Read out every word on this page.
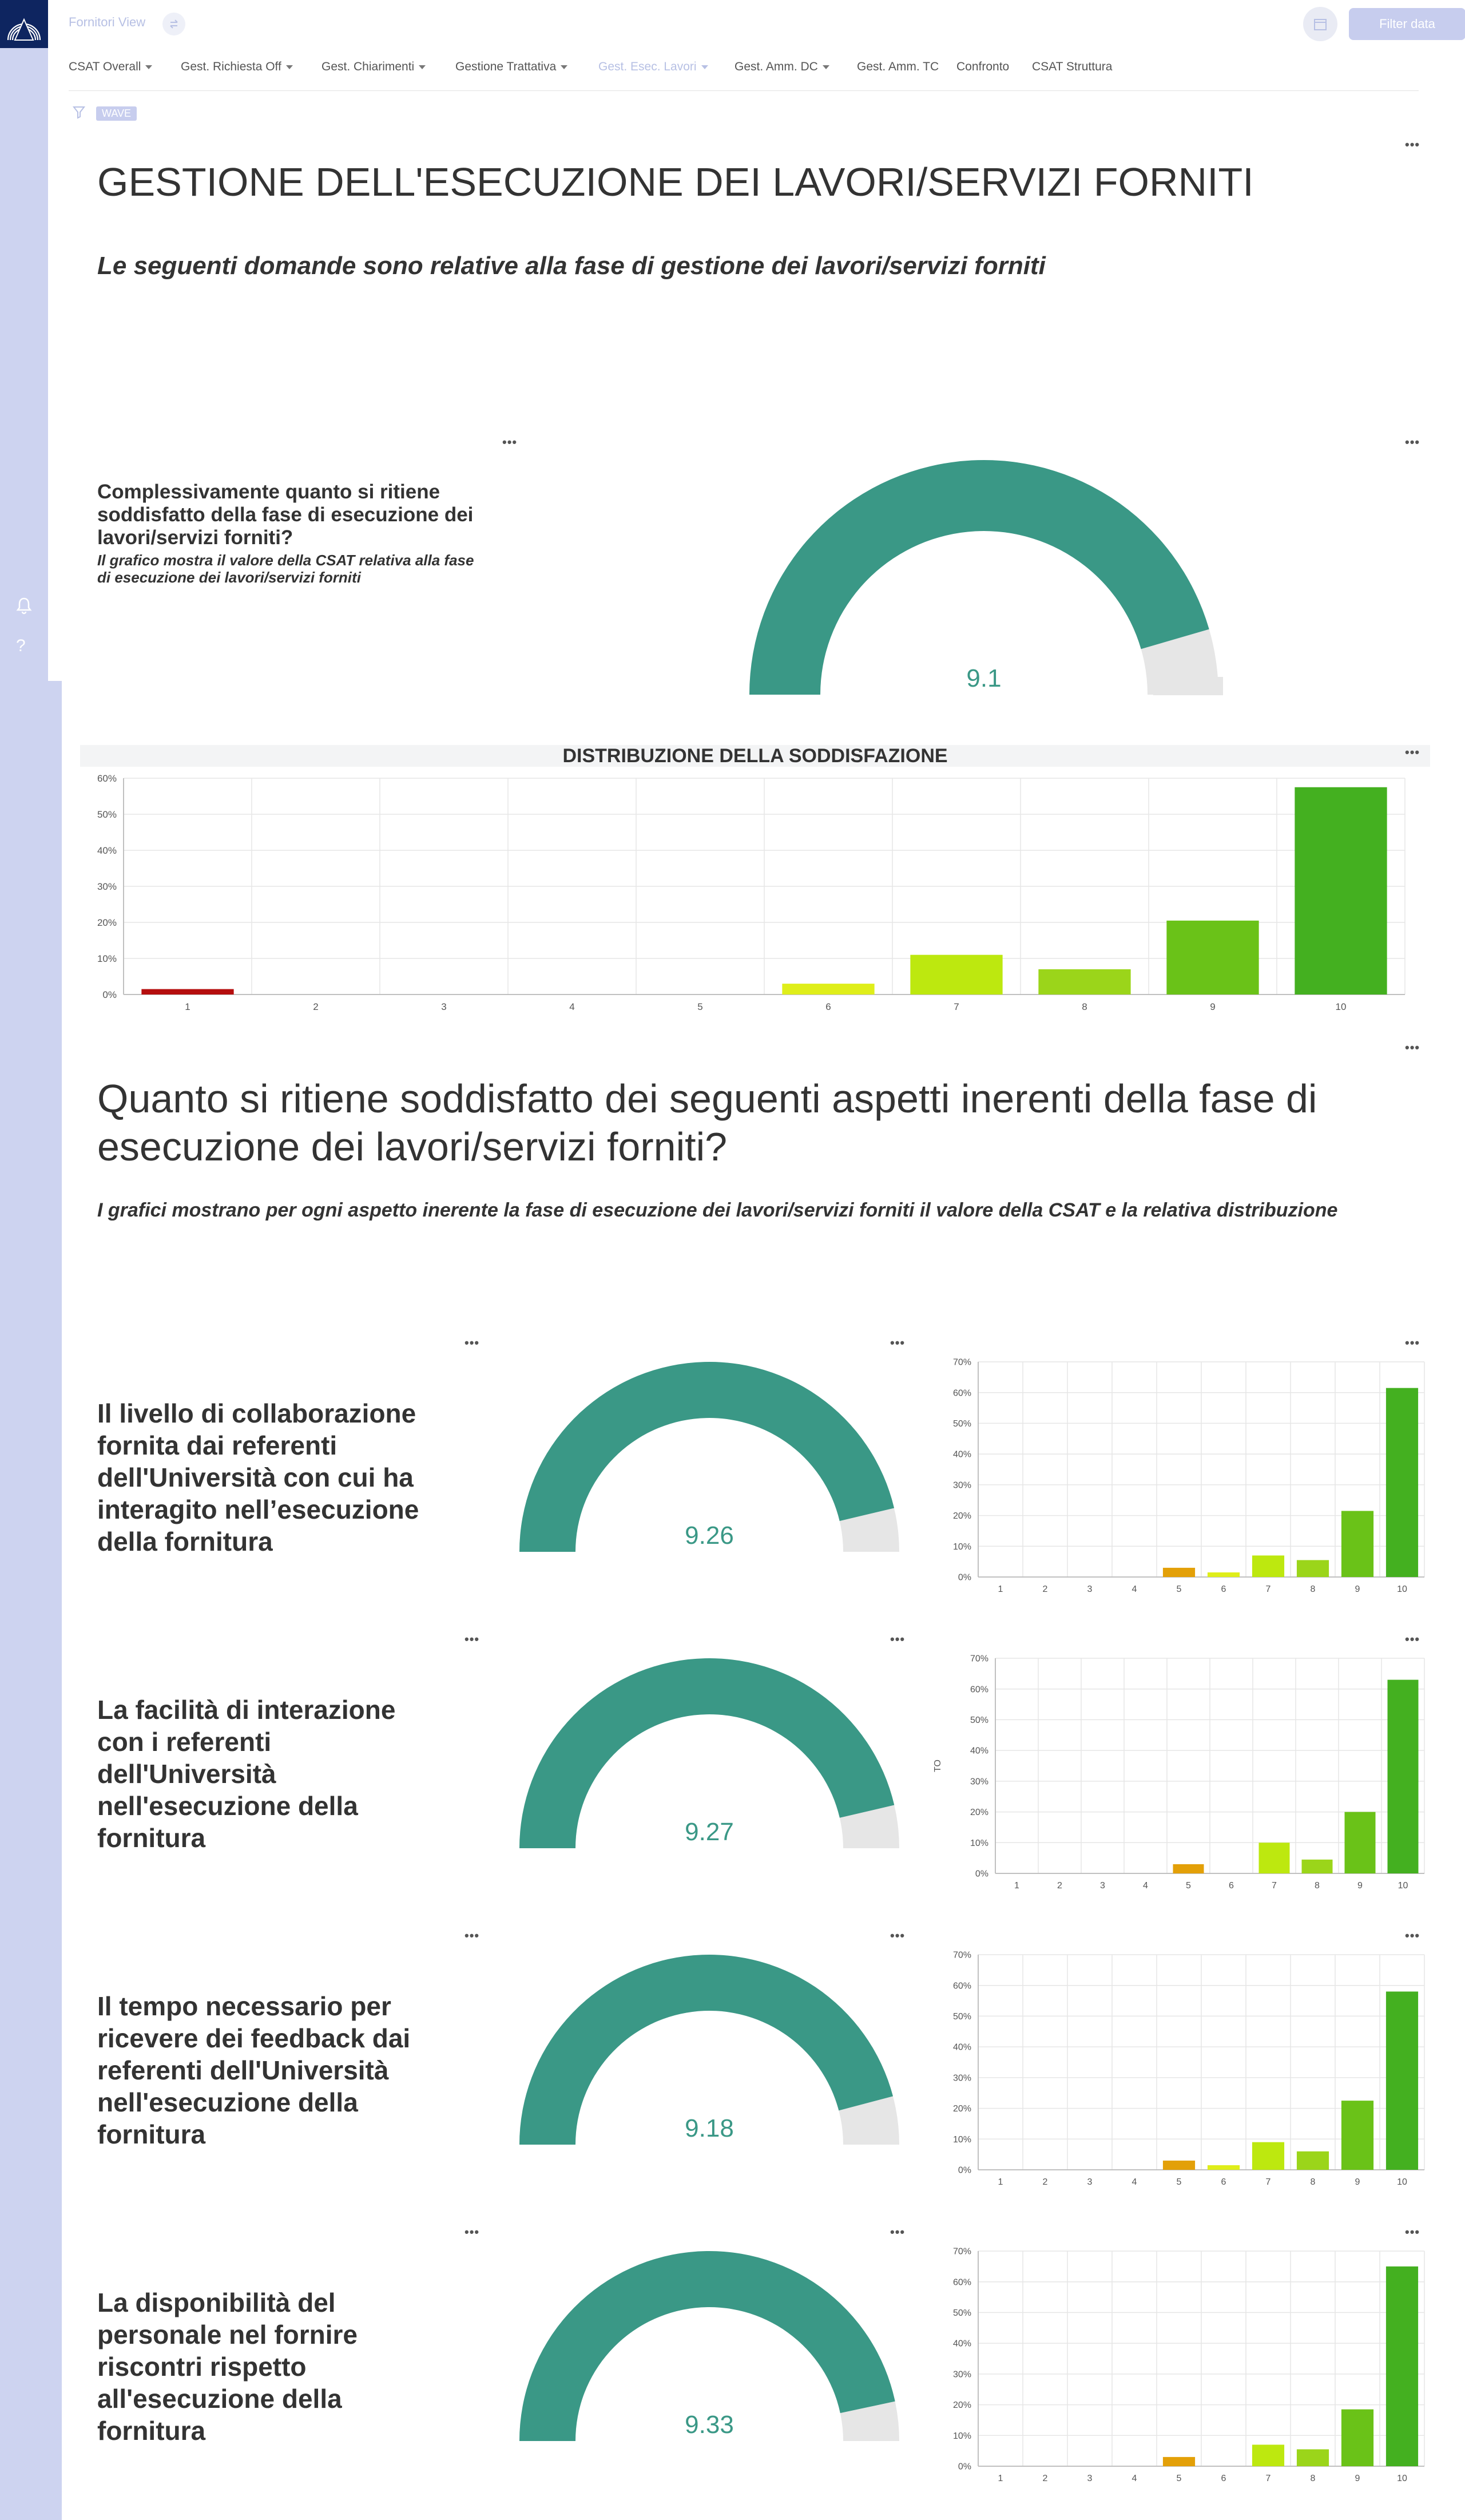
?
Fornitori View	Filter data
CSAT Overall	Gest. Richiesta Off	Gest. Chiarimenti	Gestione Trattativa	Gest. Esec. Lavori	Gest. Amm. DC	Gest. Amm. TC Confronto CSAT Struttura
WAVE
•••
GESTIONE DELL'ESECUZIONE DEI LAVORI/SERVIZI FORNITI
Le seguenti domande sono relative alla fase di gestione dei lavori/servizi forniti
•••	•••
Complessivamente quanto si ritiene soddisfatto della fase di esecuzione dei lavori/servizi forniti?
Il grafico mostra il valore della CSAT relativa alla fase di esecuzione dei lavori/servizi forniti
9.1
DISTRIBUZIONE DELLA SODDISFAZIONE	•••
0%
10%
20%
30%
40%
50%
60%
1	2	3	4	5	6	7	8	9	10
•••
Quanto si ritiene soddisfatto dei seguenti aspetti inerenti della fase di
esecuzione dei lavori/servizi forniti?
I grafici mostrano per ogni aspetto inerente la fase di esecuzione dei lavori/servizi forniti il valore della CSAT e la relativa distribuzione
•••	•••	•••
Il livello di collaborazione fornita dai referenti dell'Università con cui ha interagito nell’esecuzione della fornitura	9.26
0%
10%
20%
30%
40%
50%
60%
70%
1	2	3	4	5	6	7	8	9	10
•••	•••	•••
La facilità di interazione con i referenti dell'Università nell'esecuzione della fornitura	9.27
0%
10%
20%
30%
40%
50%
60%
70%
1	2	3	4	5	6	7	8	9	10
TO
•••	•••	•••
Il tempo necessario per ricevere dei feedback dai referenti dell'Università nell'esecuzione della fornitura	9.18
0%
10%
20%
30%
40%
50%
60%
70%
1	2	3	4	5	6	7	8	9	10
•••	•••	•••
La disponibilità del personale nel fornire riscontri rispetto all'esecuzione della fornitura	9.33
0%
10%
20%
30%
40%
50%
60%
70%
1	2	3	4	5	6	7	8	9	10
